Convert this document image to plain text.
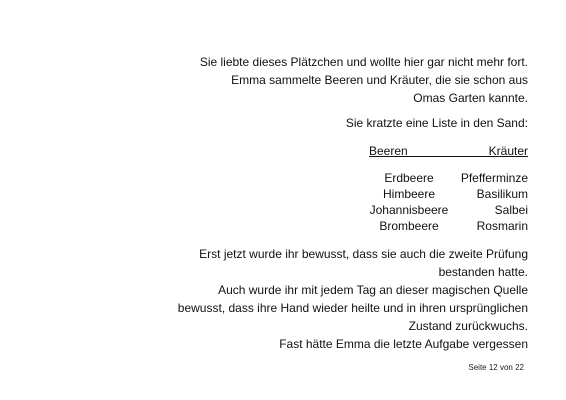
Sie liebte dieses Plätzchen und wollte hier gar nicht mehr fort.
Emma sammelte Beeren und Kräuter, die sie schon aus
Omas Garten kannte.
Sie kratzte eine Liste in den Sand:
Beeren	Kräuter
Erdbeere	Pfefferminze
Himbeere	Basilikum
Johannisbeere	Salbei
Brombeere	Rosmarin
Erst jetzt wurde ihr bewusst, dass sie auch die zweite Prüfung
bestanden hatte.
Auch wurde ihr mit jedem Tag an dieser magischen Quelle
bewusst, dass ihre Hand wieder heilte und in ihren ursprünglichen
Zustand zurückwuchs.
Fast hätte Emma die letzte Aufgabe vergessen
Seite 12 von 22
